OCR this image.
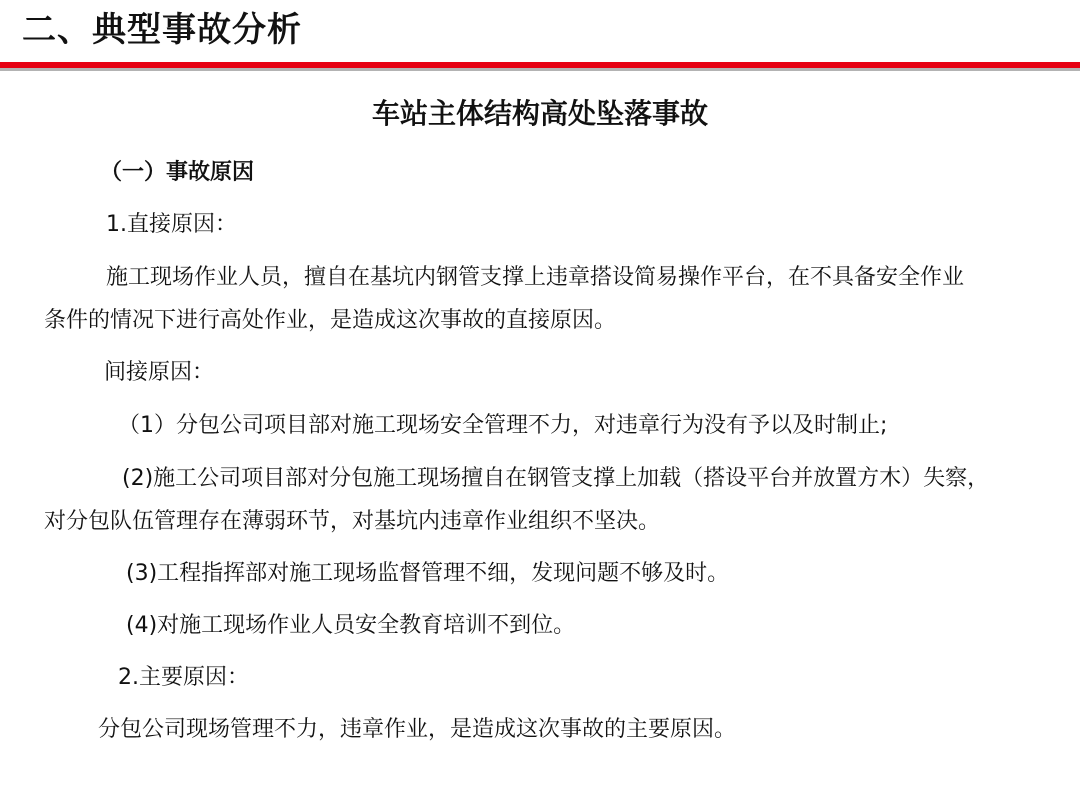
二、典型事故分析
车站主体结构高处坠落事故
（一）事故原因
1.直接原因：
施工现场作业人员，擅自在基坑内钢管支撑上违章搭设简易操作平台，在不具备安全作业
条件的情况下进行高处作业，是造成这次事故的直接原因。
间接原因：
（1）分包公司项目部对施工现场安全管理不力，对违章行为没有予以及时制止;
(2)施工公司项目部对分包施工现场擅自在钢管支撑上加载（搭设平台并放置方木）失察，
对分包队伍管理存在薄弱环节，对基坑内违章作业组织不坚决。
(3)工程指挥部对施工现场监督管理不细，发现问题不够及时。
(4)对施工现场作业人员安全教育培训不到位。
2.主要原因：
分包公司现场管理不力，违章作业，是造成这次事故的主要原因。
